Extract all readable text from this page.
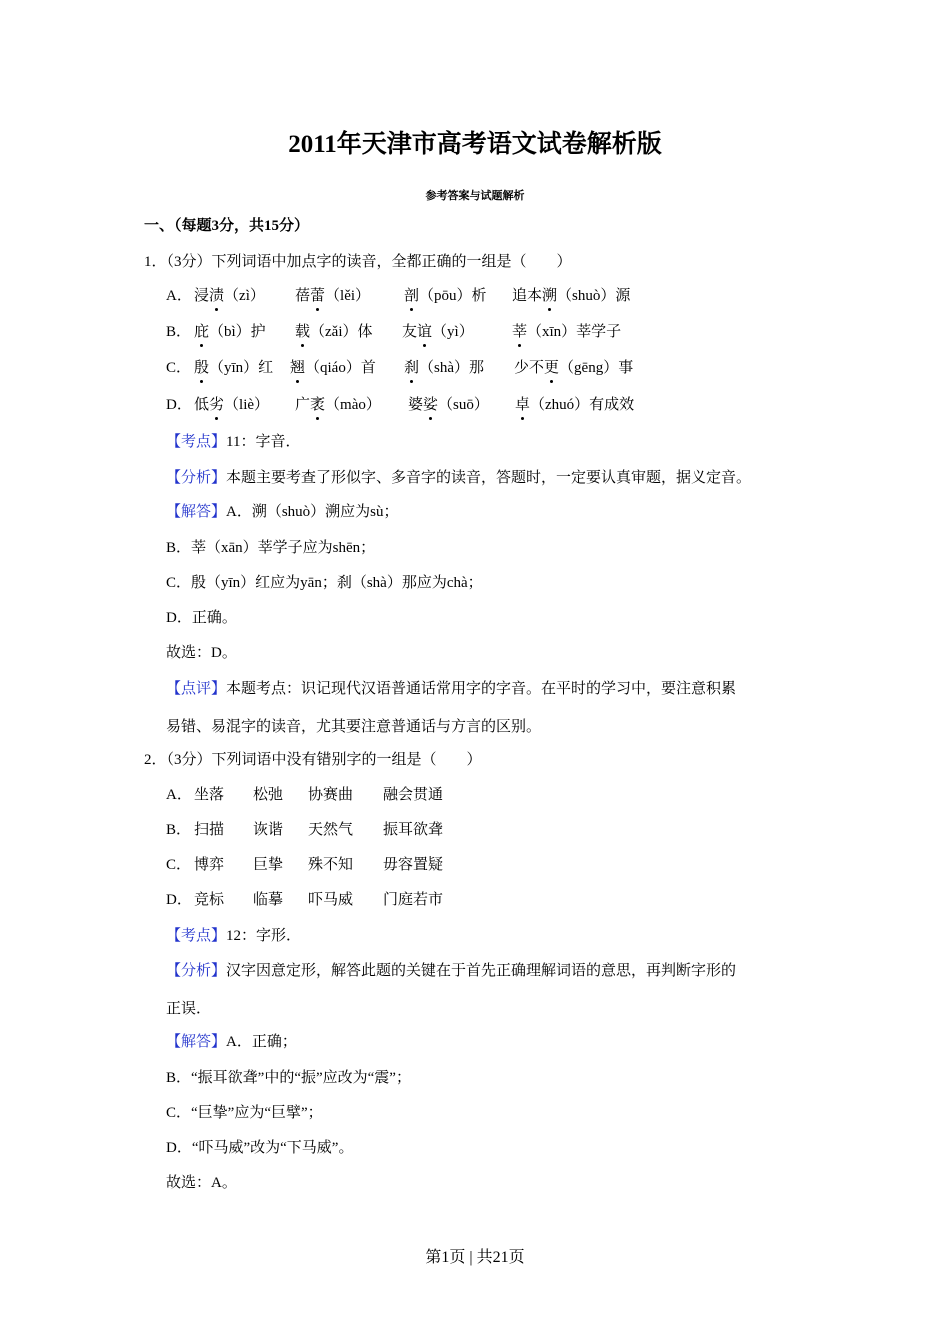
2011年天津市高考语文试卷解析版
参考答案与试题解析
一、（每题3分，共15分）
1．（3分）下列词语中加点字的读音，全都正确的一组是（　　）
A． 浸渍（zì） 蓓蕾（lěi） 剖（pōu）析 追本溯（shuò）源
B． 庇（bì）护 载（zǎi）体 友谊（yì）	莘（xīn）莘学子
C． 殷（yīn）红 翘（qiáo）首 刹（shà）那 少不更（gēng）事
D． 低劣（liè） 广袤（mào） 婆娑（suō） 卓（zhuó）有成效
【考点】11：字音．
【分析】本题主要考查了形似字、多音字的读音，答题时，一定要认真审题，据义定音。
【解答】A．溯（shuò）溯应为sù；
B．莘（xān）莘学子应为shēn；
C．殷（yīn）红应为yān；刹（shà）那应为chà；
D．正确。
故选：D。
【点评】本题考点：识记现代汉语普通话常用字的字音。在平时的学习中，要注意积累
易错、易混字的读音，尤其要注意普通话与方言的区别。
2．（3分）下列词语中没有错别字的一组是（　　）
A． 坐落 松弛 协赛曲 融会贯通
B． 扫描 诙谐 天然气 振耳欲聋
C． 博弈 巨挚 殊不知 毋容置疑
D． 竞标 临摹 吓马威 门庭若市
【考点】12：字形．
【分析】汉字因意定形，解答此题的关键在于首先正确理解词语的意思，再判断字形的
正误．
【解答】A．正确；
B．“振耳欲聋”中的“振”应改为“震”；
C．“巨挚”应为“巨擘”；
D．“吓马威”改为“下马威”。
故选：A。
第1页 | 共21页
